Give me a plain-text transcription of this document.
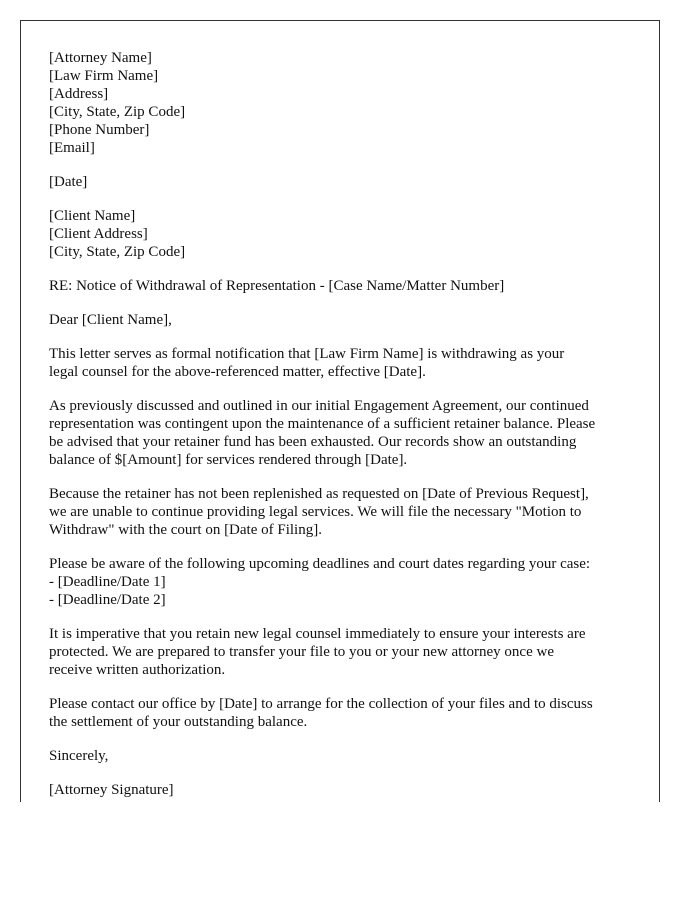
[Attorney Name]
[Law Firm Name]
[Address]
[City, State, Zip Code]
[Phone Number]
[Email]
[Date]
[Client Name]
[Client Address]
[City, State, Zip Code]
RE: Notice of Withdrawal of Representation - [Case Name/Matter Number]
Dear [Client Name],
This letter serves as formal notification that [Law Firm Name] is withdrawing as your
legal counsel for the above-referenced matter, effective [Date].
As previously discussed and outlined in our initial Engagement Agreement, our continued
representation was contingent upon the maintenance of a sufficient retainer balance. Please
be advised that your retainer fund has been exhausted. Our records show an outstanding
balance of $[Amount] for services rendered through [Date].
Because the retainer has not been replenished as requested on [Date of Previous Request],
we are unable to continue providing legal services. We will file the necessary "Motion to
Withdraw" with the court on [Date of Filing].
Please be aware of the following upcoming deadlines and court dates regarding your case:
- [Deadline/Date 1]
- [Deadline/Date 2]
It is imperative that you retain new legal counsel immediately to ensure your interests are
protected. We are prepared to transfer your file to you or your new attorney once we
receive written authorization.
Please contact our office by [Date] to arrange for the collection of your files and to discuss
the settlement of your outstanding balance.
Sincerely,
[Attorney Signature]
